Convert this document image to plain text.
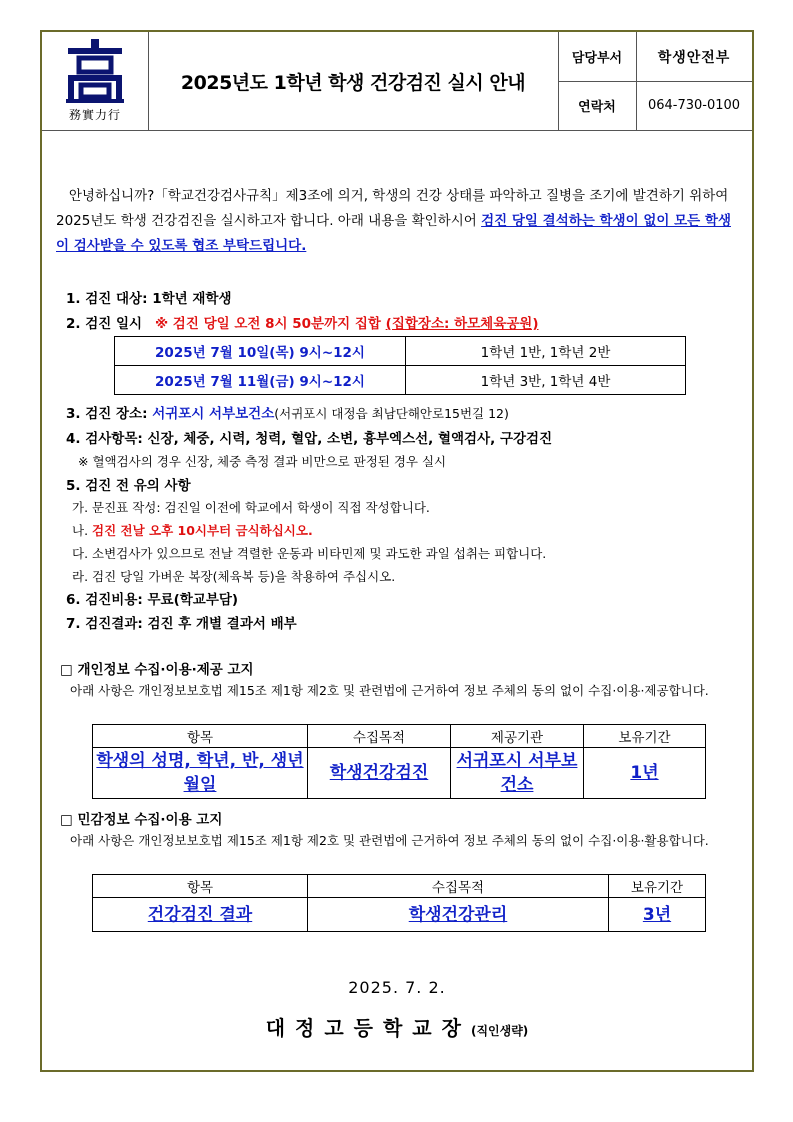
務實力行
2025년도 1학년 학생 건강검진 실시 안내
담당부서	학생안전부
연락처	064-730-0100
안녕하십니까?「학교건강검사규칙」제3조에 의거, 학생의 건강 상태를 파악하고 질병을 조기에 발견하기 위하여 2025년도 학생 건강검진을 실시하고자 합니다. 아래 내용을 확인하시어 검진 당일 결석하는 학생이 없이 모든 학생이 검사받을 수 있도록 협조 부탁드립니다.
1. 검진 대상: 1학년 재학생
2. 검진 일시 ※ 검진 당일 오전 8시 50분까지 집합 (집합장소: 하모체육공원)
2025년 7월 10일(목) 9시~12시	1학년 1반, 1학년 2반
2025년 7월 11월(금) 9시~12시	1학년 3반, 1학년 4반
3. 검진 장소: 서귀포시 서부보건소(서귀포시 대정읍 최남단해안로15번길 12)
4. 검사항목: 신장, 체중, 시력, 청력, 혈압, 소변, 흉부엑스선, 혈액검사, 구강검진
※ 혈액검사의 경우 신장, 체중 측정 결과 비만으로 판정된 경우 실시
5. 검진 전 유의 사항
가. 문진표 작성: 검진일 이전에 학교에서 학생이 직접 작성합니다.
나. 검진 전날 오후 10시부터 금식하십시오.
다. 소변검사가 있으므로 전날 격렬한 운동과 비타민제 및 과도한 과일 섭취는 피합니다.
라. 검진 당일 가벼운 복장(체육복 등)을 착용하여 주십시오.
6. 검진비용: 무료(학교부담)
7. 검진결과: 검진 후 개별 결과서 배부
□ 개인정보 수집·이용·제공 고지
아래 사항은 개인정보보호법 제15조 제1항 제2호 및 관련법에 근거하여 정보 주체의 동의 없이 수집·이용·제공합니다.
항목	수집목적	제공기관	보유기간
학생의 성명, 학년, 반, 생년월일	학생건강검진	서귀포시 서부보건소	1년
□ 민감정보 수집·이용 고지
아래 사항은 개인정보보호법 제15조 제1항 제2호 및 관련법에 근거하여 정보 주체의 동의 없이 수집·이용·활용합니다.
항목	수집목적	보유기간
건강검진 결과	학생건강관리	3년
2025. 7. 2.
대정고등학교장(직인생략)
